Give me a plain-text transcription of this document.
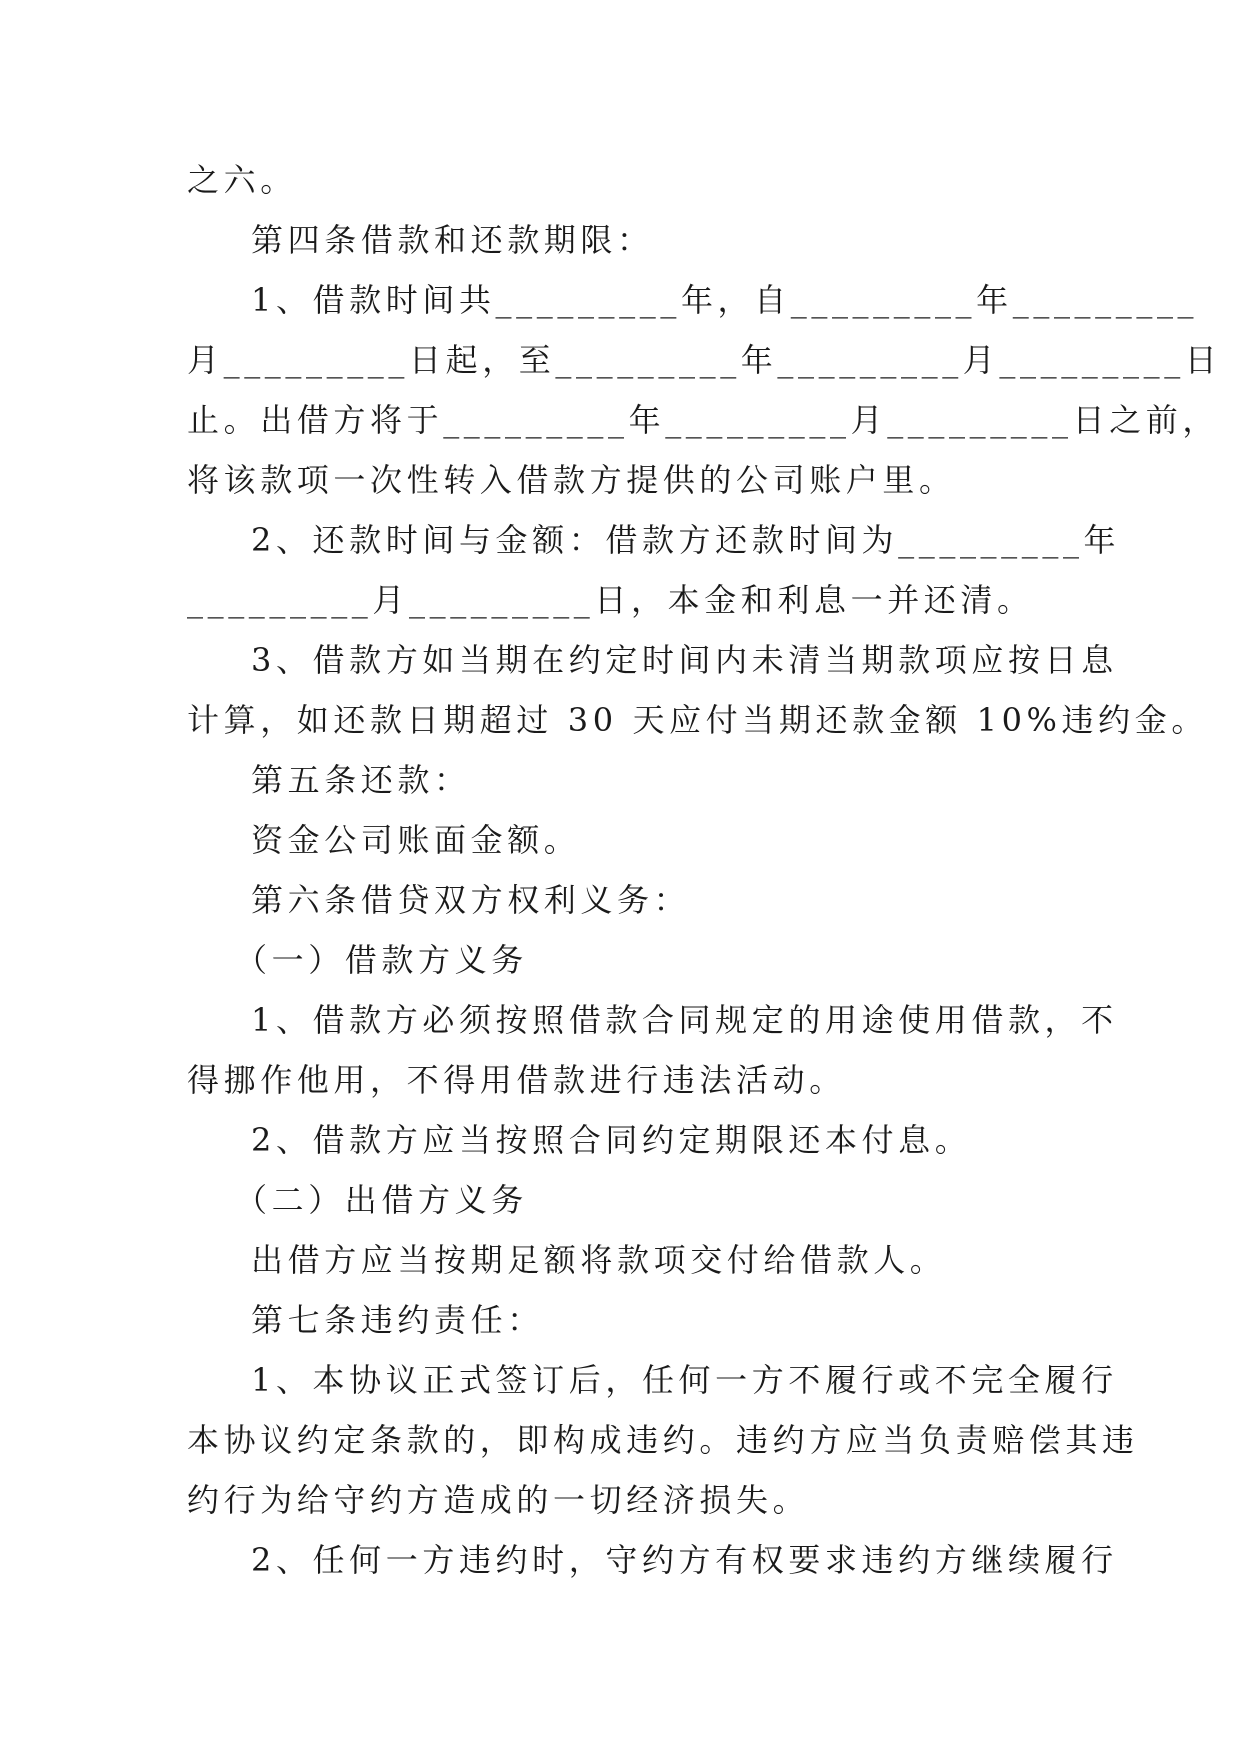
之六。

第四条借款和还款期限：

1、借款时间共_________年，自_________年_________

月_________日起，至_________年_________月_________日

止。出借方将于_________年_________月_________日之前，

将该款项一次性转入借款方提供的公司账户里。

2、还款时间与金额：借款方还款时间为_________年

_________月_________日，本金和利息一并还清。

3、借款方如当期在约定时间内未清当期款项应按日息

计算，如还款日期超过 30 天应付当期还款金额 10%违约金。

第五条还款：

资金公司账面金额。

第六条借贷双方权利义务：

（一）借款方义务

1、借款方必须按照借款合同规定的用途使用借款，不

得挪作他用，不得用借款进行违法活动。

2、借款方应当按照合同约定期限还本付息。

（二）出借方义务

出借方应当按期足额将款项交付给借款人。

第七条违约责任：

1、本协议正式签订后，任何一方不履行或不完全履行

本协议约定条款的，即构成违约。违约方应当负责赔偿其违

约行为给守约方造成的一切经济损失。

2、任何一方违约时，守约方有权要求违约方继续履行
